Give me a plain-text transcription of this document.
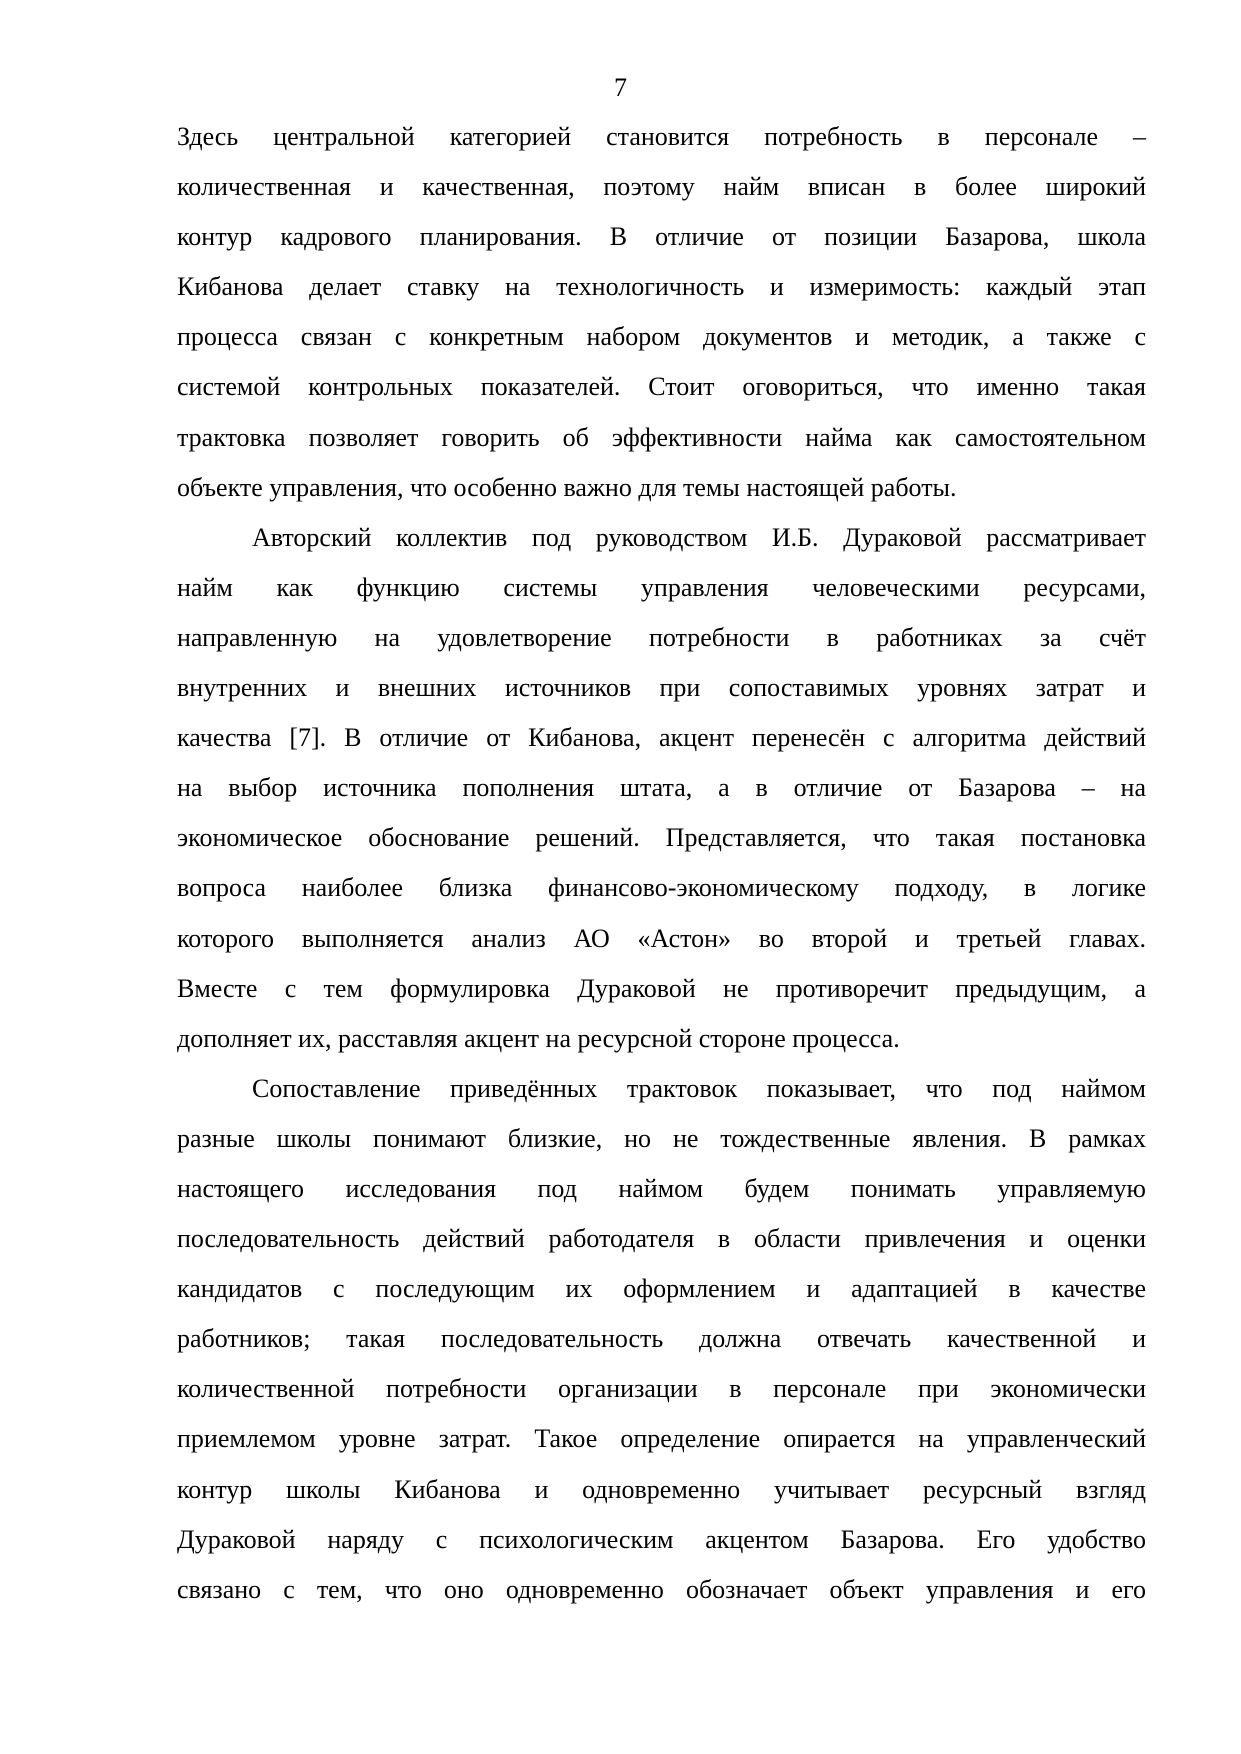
7
Здесь центральной категорией становится потребность в персонале –
количественная и качественная, поэтому найм вписан в более широкий
контур кадрового планирования. В отличие от позиции Базарова, школа
Кибанова делает ставку на технологичность и измеримость: каждый этап
процесса связан с конкретным набором документов и методик, а также с
системой контрольных показателей. Стоит оговориться, что именно такая
трактовка позволяет говорить об эффективности найма как самостоятельном
объекте управления, что особенно важно для темы настоящей работы.
Авторский коллектив под руководством И.Б. Дураковой рассматривает
найм как функцию системы управления человеческими ресурсами,
направленную на удовлетворение потребности в работниках за счёт
внутренних и внешних источников при сопоставимых уровнях затрат и
качества [7]. В отличие от Кибанова, акцент перенесён с алгоритма действий
на выбор источника пополнения штата, а в отличие от Базарова – на
экономическое обоснование решений. Представляется, что такая постановка
вопроса наиболее близка финансово-экономическому подходу, в логике
которого выполняется анализ АО «Астон» во второй и третьей главах.
Вместе с тем формулировка Дураковой не противоречит предыдущим, а
дополняет их, расставляя акцент на ресурсной стороне процесса.
Сопоставление приведённых трактовок показывает, что под наймом
разные школы понимают близкие, но не тождественные явления. В рамках
настоящего исследования под наймом будем понимать управляемую
последовательность действий работодателя в области привлечения и оценки
кандидатов с последующим их оформлением и адаптацией в качестве
работников; такая последовательность должна отвечать качественной и
количественной потребности организации в персонале при экономически
приемлемом уровне затрат. Такое определение опирается на управленческий
контур школы Кибанова и одновременно учитывает ресурсный взгляд
Дураковой наряду с психологическим акцентом Базарова. Его удобство
связано с тем, что оно одновременно обозначает объект управления и его
